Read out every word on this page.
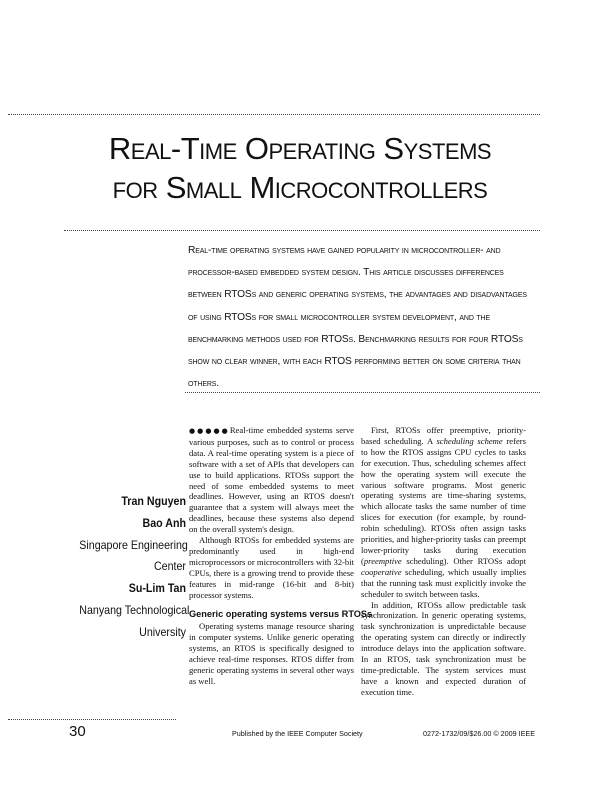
Real-Time Operating Systems
for Small Microcontrollers
Real-time operating systems have gained popularity in microcontroller- and processor-based embedded system design. This article discusses differences between RTOSs and generic operating systems, the advantages and disadvantages of using RTOSs for small microcontroller system development, and the benchmarking methods used for RTOSs. Benchmarking results for four RTOSs show no clear winner, with each RTOS performing better on some criteria than others.
Tran Nguyen
Bao Anh
Singapore Engineering
Center
Su-Lim Tan
Nanyang Technological
University

●●●●●Real-time embedded systems serve various purposes, such as to control or process data. A real-time operating system is a piece of software with a set of APIs that developers can use to build applications. RTOSs support the need of some embedded systems to meet deadlines. However, using an RTOS doesn't guarantee that a system will always meet the deadlines, because these systems also depend on the overall system's design.

Although RTOSs for embedded systems are predominantly used in high-end microprocessors or microcontrollers with 32-bit CPUs, there is a growing trend to provide these features in mid-range (16-bit and 8-bit) processor systems.

Generic operating systems versus RTOSs

Operating systems manage resource sharing in computer systems. Unlike generic operating systems, an RTOS is specifically designed to achieve real-time responses. RTOS differ from generic operating systems in several other ways as well.

First, RTOSs offer preemptive, priority-based scheduling. A scheduling scheme refers to how the RTOS assigns CPU cycles to tasks for execution. Thus, scheduling schemes affect how the operating system will execute the various software programs. Most generic operating systems are time-sharing systems, which allocate tasks the same number of time slices for execution (for example, by round-robin scheduling). RTOSs often assign tasks priorities, and higher-priority tasks can preempt lower-priority tasks during execution (preemptive scheduling). Other RTOSs adopt cooperative scheduling, which usually implies that the running task must explicitly invoke the scheduler to switch between tasks.

In addition, RTOSs allow predictable task synchronization. In generic operating systems, task synchronization is unpredictable because the operating system can directly or indirectly introduce delays into the application software. In an RTOS, task synchronization must be time-predictable. The system services must have a known and expected duration of execution time.

30	Published by the IEEE Computer Society	0272-1732/09/$26.00 © 2009 IEEE
